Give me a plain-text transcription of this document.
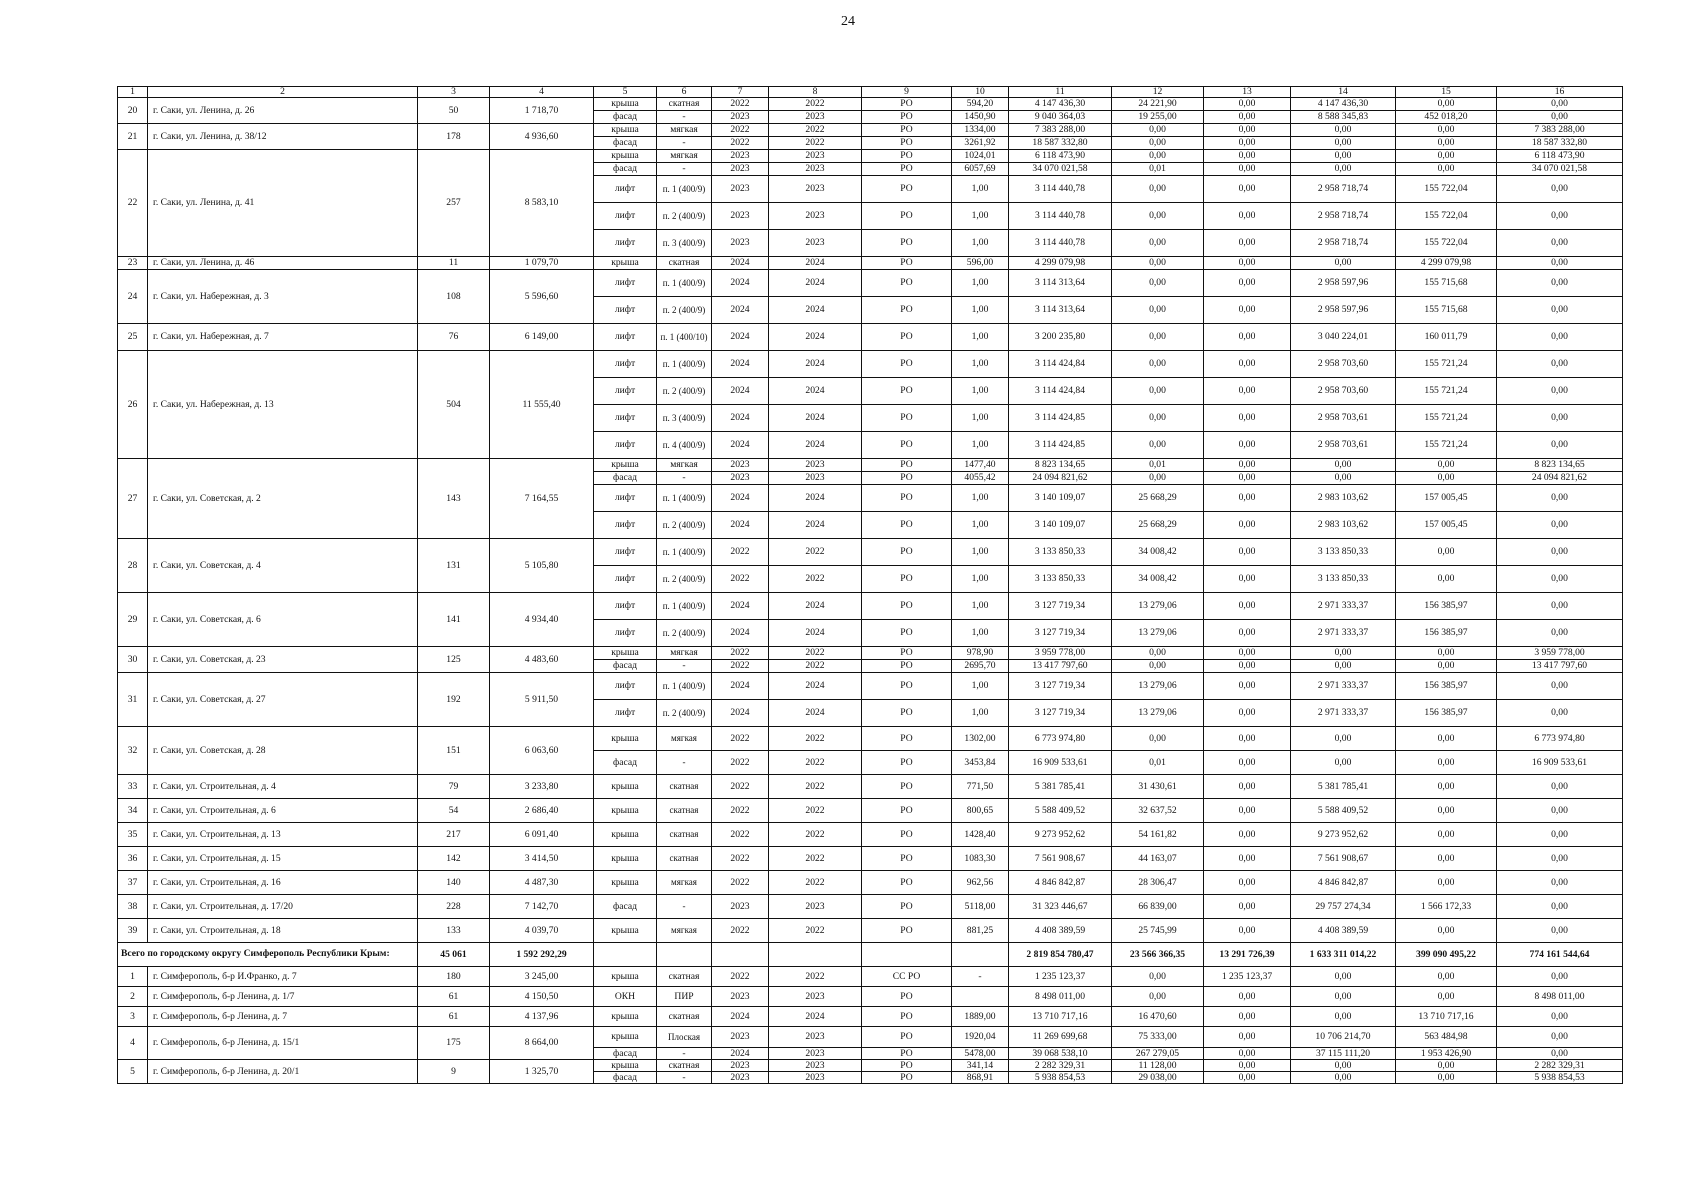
24
1	2	3	4	5	6	7	8	9	10	11	12	13	14	15	16
20	г. Саки, ул. Ленина, д. 26	50	1 718,70	крыша	скатная	2022	2022	РО	594,20	4 147 436,30	24 221,90	0,00	4 147 436,30	0,00	0,00
				фасад	-	2023	2023	РО	1450,90	9 040 364,03	19 255,00	0,00	8 588 345,83	452 018,20	0,00
21	г. Саки, ул. Ленина, д. 38/12	178	4 936,60	крыша	мягкая	2022	2022	РО	1334,00	7 383 288,00	0,00	0,00	0,00	0,00	7 383 288,00
				фасад	-	2022	2022	РО	3261,92	18 587 332,80	0,00	0,00	0,00	0,00	18 587 332,80
22	г. Саки, ул. Ленина, д. 41	257	8 583,10	крыша	мягкая	2023	2023	РО	1024,01	6 118 473,90	0,00	0,00	0,00	0,00	6 118 473,90
				фасад	-	2023	2023	РО	6057,69	34 070 021,58	0,01	0,00	0,00	0,00	34 070 021,58
				лифт	п. 1 (400/9)	2023	2023	РО	1,00	3 114 440,78	0,00	0,00	2 958 718,74	155 722,04	0,00
				лифт	п. 2 (400/9)	2023	2023	РО	1,00	3 114 440,78	0,00	0,00	2 958 718,74	155 722,04	0,00
				лифт	п. 3 (400/9)	2023	2023	РО	1,00	3 114 440,78	0,00	0,00	2 958 718,74	155 722,04	0,00
23	г. Саки, ул. Ленина, д. 46	11	1 079,70	крыша	скатная	2024	2024	РО	596,00	4 299 079,98	0,00	0,00	0,00	4 299 079,98	0,00
24	г. Саки, ул. Набережная, д. 3	108	5 596,60	лифт	п. 1 (400/9)	2024	2024	РО	1,00	3 114 313,64	0,00	0,00	2 958 597,96	155 715,68	0,00
				лифт	п. 2 (400/9)	2024	2024	РО	1,00	3 114 313,64	0,00	0,00	2 958 597,96	155 715,68	0,00
25	г. Саки, ул. Набережная, д. 7	76	6 149,00	лифт	п. 1 (400/10)	2024	2024	РО	1,00	3 200 235,80	0,00	0,00	3 040 224,01	160 011,79	0,00
26	г. Саки, ул. Набережная, д. 13	504	11 555,40	лифт	п. 1 (400/9)	2024	2024	РО	1,00	3 114 424,84	0,00	0,00	2 958 703,60	155 721,24	0,00
				лифт	п. 2 (400/9)	2024	2024	РО	1,00	3 114 424,84	0,00	0,00	2 958 703,60	155 721,24	0,00
				лифт	п. 3 (400/9)	2024	2024	РО	1,00	3 114 424,85	0,00	0,00	2 958 703,61	155 721,24	0,00
				лифт	п. 4 (400/9)	2024	2024	РО	1,00	3 114 424,85	0,00	0,00	2 958 703,61	155 721,24	0,00
27	г. Саки, ул. Советская, д. 2	143	7 164,55	крыша	мягкая	2023	2023	РО	1477,40	8 823 134,65	0,01	0,00	0,00	0,00	8 823 134,65
				фасад	-	2023	2023	РО	4055,42	24 094 821,62	0,00	0,00	0,00	0,00	24 094 821,62
				лифт	п. 1 (400/9)	2024	2024	РО	1,00	3 140 109,07	25 668,29	0,00	2 983 103,62	157 005,45	0,00
				лифт	п. 2 (400/9)	2024	2024	РО	1,00	3 140 109,07	25 668,29	0,00	2 983 103,62	157 005,45	0,00
28	г. Саки, ул. Советская, д. 4	131	5 105,80	лифт	п. 1 (400/9)	2022	2022	РО	1,00	3 133 850,33	34 008,42	0,00	3 133 850,33	0,00	0,00
				лифт	п. 2 (400/9)	2022	2022	РО	1,00	3 133 850,33	34 008,42	0,00	3 133 850,33	0,00	0,00
29	г. Саки, ул. Советская, д. 6	141	4 934,40	лифт	п. 1 (400/9)	2024	2024	РО	1,00	3 127 719,34	13 279,06	0,00	2 971 333,37	156 385,97	0,00
				лифт	п. 2 (400/9)	2024	2024	РО	1,00	3 127 719,34	13 279,06	0,00	2 971 333,37	156 385,97	0,00
30	г. Саки, ул. Советская, д. 23	125	4 483,60	крыша	мягкая	2022	2022	РО	978,90	3 959 778,00	0,00	0,00	0,00	0,00	3 959 778,00
				фасад	-	2022	2022	РО	2695,70	13 417 797,60	0,00	0,00	0,00	0,00	13 417 797,60
31	г. Саки, ул. Советская, д. 27	192	5 911,50	лифт	п. 1 (400/9)	2024	2024	РО	1,00	3 127 719,34	13 279,06	0,00	2 971 333,37	156 385,97	0,00
				лифт	п. 2 (400/9)	2024	2024	РО	1,00	3 127 719,34	13 279,06	0,00	2 971 333,37	156 385,97	0,00
32	г. Саки, ул. Советская, д. 28	151	6 063,60	крыша	мягкая	2022	2022	РО	1302,00	6 773 974,80	0,00	0,00	0,00	0,00	6 773 974,80
				фасад	-	2022	2022	РО	3453,84	16 909 533,61	0,01	0,00	0,00	0,00	16 909 533,61
33	г. Саки, ул. Строительная, д. 4	79	3 233,80	крыша	скатная	2022	2022	РО	771,50	5 381 785,41	31 430,61	0,00	5 381 785,41	0,00	0,00
34	г. Саки, ул. Строительная, д. 6	54	2 686,40	крыша	скатная	2022	2022	РО	800,65	5 588 409,52	32 637,52	0,00	5 588 409,52	0,00	0,00
35	г. Саки, ул. Строительная, д. 13	217	6 091,40	крыша	скатная	2022	2022	РО	1428,40	9 273 952,62	54 161,82	0,00	9 273 952,62	0,00	0,00
36	г. Саки, ул. Строительная, д. 15	142	3 414,50	крыша	скатная	2022	2022	РО	1083,30	7 561 908,67	44 163,07	0,00	7 561 908,67	0,00	0,00
37	г. Саки, ул. Строительная, д. 16	140	4 487,30	крыша	мягкая	2022	2022	РО	962,56	4 846 842,87	28 306,47	0,00	4 846 842,87	0,00	0,00
38	г. Саки, ул. Строительная, д. 17/20	228	7 142,70	фасад	-	2023	2023	РО	5118,00	31 323 446,67	66 839,00	0,00	29 757 274,34	1 566 172,33	0,00
39	г. Саки, ул. Строительная, д. 18	133	4 039,70	крыша	мягкая	2022	2022	РО	881,25	4 408 389,59	25 745,99	0,00	4 408 389,59	0,00	0,00
Всего по городскому округу Симферополь Республики Крым:		45 061	1 592 292,29							2 819 854 780,47	23 566 366,35	13 291 726,39	1 633 311 014,22	399 090 495,22	774 161 544,64
1	г. Симферополь, б-р И.Франко, д. 7	180	3 245,00	крыша	скатная	2022	2022	СС РО	-	1 235 123,37	0,00	1 235 123,37	0,00	0,00	0,00
2	г. Симферополь, б-р Ленина, д. 1/7	61	4 150,50	ОКН	ПИР	2023	2023	РО		8 498 011,00	0,00	0,00	0,00	0,00	8 498 011,00
3	г. Симферополь, б-р Ленина, д. 7	61	4 137,96	крыша	скатная	2024	2024	РО	1889,00	13 710 717,16	16 470,60	0,00	0,00	13 710 717,16	0,00
4	г. Симферополь, б-р Ленина, д. 15/1	175	8 664,00	крыша	Плоская	2023	2023	РО	1920,04	11 269 699,68	75 333,00	0,00	10 706 214,70	563 484,98	0,00
				фасад	-	2024	2023	РО	5478,00	39 068 538,10	267 279,05	0,00	37 115 111,20	1 953 426,90	0,00
5	г. Симферополь, б-р Ленина, д. 20/1	9	1 325,70	крыша	скатная	2023	2023	РО	341,14	2 282 329,31	11 128,00	0,00	0,00	0,00	2 282 329,31
				фасад	-	2023	2023	РО	868,91	5 938 854,53	29 038,00	0,00	0,00	0,00	5 938 854,53
